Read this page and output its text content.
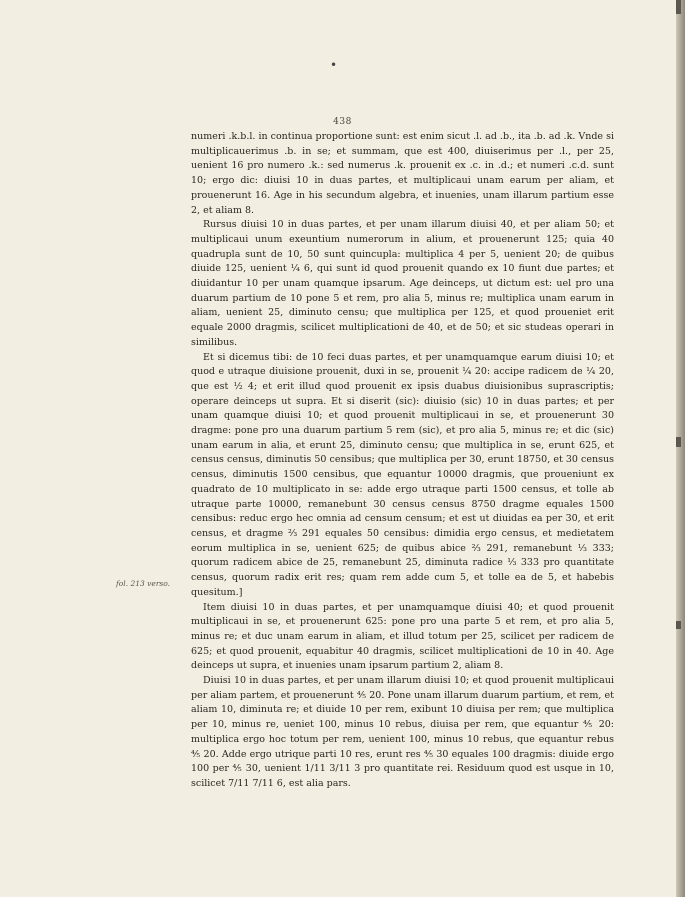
•
438
fol. 213 verso.

numeri .k.b.l. in continua proportione sunt: est enim sicut .l. ad .b., ita .b. ad .k. Vnde si multiplicauerimus .b. in se; et summam, que est 400, diuiserimus per .l., per 25, uenient 16 pro numero .k.: sed numerus .k. prouenit ex .c. in .d.; et numeri .c.d. sunt 10; ergo dic: diuisi 10 in duas partes, et multiplicaui unam earum per aliam, et prouenerunt 16. Age in his secundum algebra, et inuenies, unam illarum partium esse 2, et aliam 8.

Rursus diuisi 10 in duas partes, et per unam illarum diuisi 40, et per aliam 50; et multiplicaui unum exeuntium numerorum in alium, et prouenerunt 125; quia 40 quadrupla sunt de 10, 50 sunt quincupla: multiplica 4 per 5, uenient 20; de quibus diuide 125, uenient ¼ 6, qui sunt id quod prouenit quando ex 10 fiunt due partes; et diuidantur 10 per unam quamque ipsarum. Age deinceps, ut dictum est: uel pro una duarum partium de 10 pone 5 et rem, pro alia 5, minus re; multiplica unam earum in aliam, uenient 25, diminuto censu; que multiplica per 125, et quod proueniet erit equale 2000 dragmis, scilicet multiplicationi de 40, et de 50; et sic studeas operari in similibus.

Et si dicemus tibi: de 10 feci duas partes, et per unamquamque earum diuisi 10; et quod e utraque diuisione prouenit, duxi in se, prouenit ¼ 20: accipe radicem de ¼ 20, que est ½ 4; et erit illud quod prouenit ex ipsis duabus diuisionibus suprascriptis; operare deinceps ut supra. Et si diserit (sic): diuisio (sic) 10 in duas partes; et per unam quamque diuisi 10; et quod prouenit multiplicaui in se, et prouenerunt 30 dragme: pone pro una duarum partium 5 rem (sic), et pro alia 5, minus re; et dic (sic) unam earum in alia, et erunt 25, diminuto censu; que multiplica in se, erunt 625, et census census, diminutis 50 censibus; que multiplica per 30, erunt 18750, et 30 census census, diminutis 1500 censibus, que equantur 10000 dragmis, que proueniunt ex quadrato de 10 multiplicato in se: adde ergo utraque parti 1500 census, et tolle ab utraque parte 10000, remanebunt 30 census census 8750 dragme equales 1500 censibus: reduc ergo hec omnia ad censum censum; et est ut diuidas ea per 30, et erit census, et dragme ⅔ 291 equales 50 censibus: dimidia ergo census, et medietatem eorum multiplica in se, uenient 625; de quibus abice ⅔ 291, remanebunt ⅓ 333; quorum radicem abice de 25, remanebunt 25, diminuta radice ⅓ 333 pro quantitate census, quorum radix erit res; quam rem adde cum 5, et tolle ea de 5, et habebis quesitum.]

Item diuisi 10 in duas partes, et per unamquamque diuisi 40; et quod prouenit multiplicaui in se, et prouenerunt 625: pone pro una parte 5 et rem, et pro alia 5, minus re; et duc unam earum in aliam, et illud totum per 25, scilicet per radicem de 625; et quod prouenit, equabitur 40 dragmis, scilicet multiplicationi de 10 in 40. Age deinceps ut supra, et inuenies unam ipsarum partium 2, aliam 8.

Diuisi 10 in duas partes, et per unam illarum diuisi 10; et quod prouenit multiplicaui per aliam partem, et prouenerunt ⅘ 20. Pone unam illarum duarum partium, et rem, et aliam 10, diminuta re; et diuide 10 per rem, exibunt 10 diuisa per rem; que multiplica per 10, minus re, ueniet 100, minus 10 rebus, diuisa per rem, que equantur ⅘ 20: multiplica ergo hoc totum per rem, uenient 100, minus 10 rebus, que equantur rebus ⅘ 20. Adde ergo utrique parti 10 res, erunt res ⅘ 30 equales 100 dragmis: diuide ergo 100 per ⅘ 30, uenient 1/11 3/11 3 pro quantitate rei. Residuum quod est usque in 10, scilicet 7/11 7/11 6, est alia pars.
